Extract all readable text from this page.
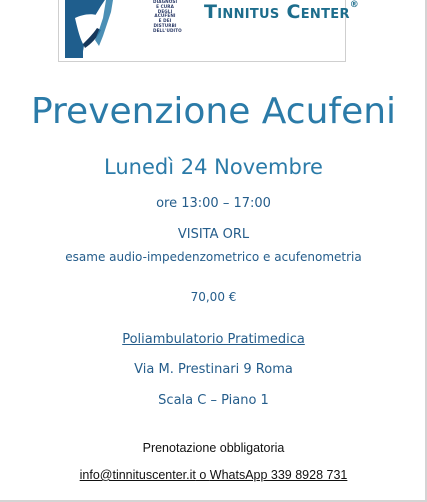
DIAGNOSI
E CURA
DEGLI ACUFENI
E DEI DISTURBI
DELL'UDITO
Tinnitus Center®
Prevenzione Acufeni
Lunedì 24 Novembre
ore 13:00 – 17:00
VISITA ORL
esame audio-impedenzometrico e acufenometria
70,00 €
Poliambulatorio Pratimedica
Via M. Prestinari 9 Roma
Scala C – Piano 1
Prenotazione obbligatoria
info@tinnituscenter.it o WhatsApp 339 8928 731
